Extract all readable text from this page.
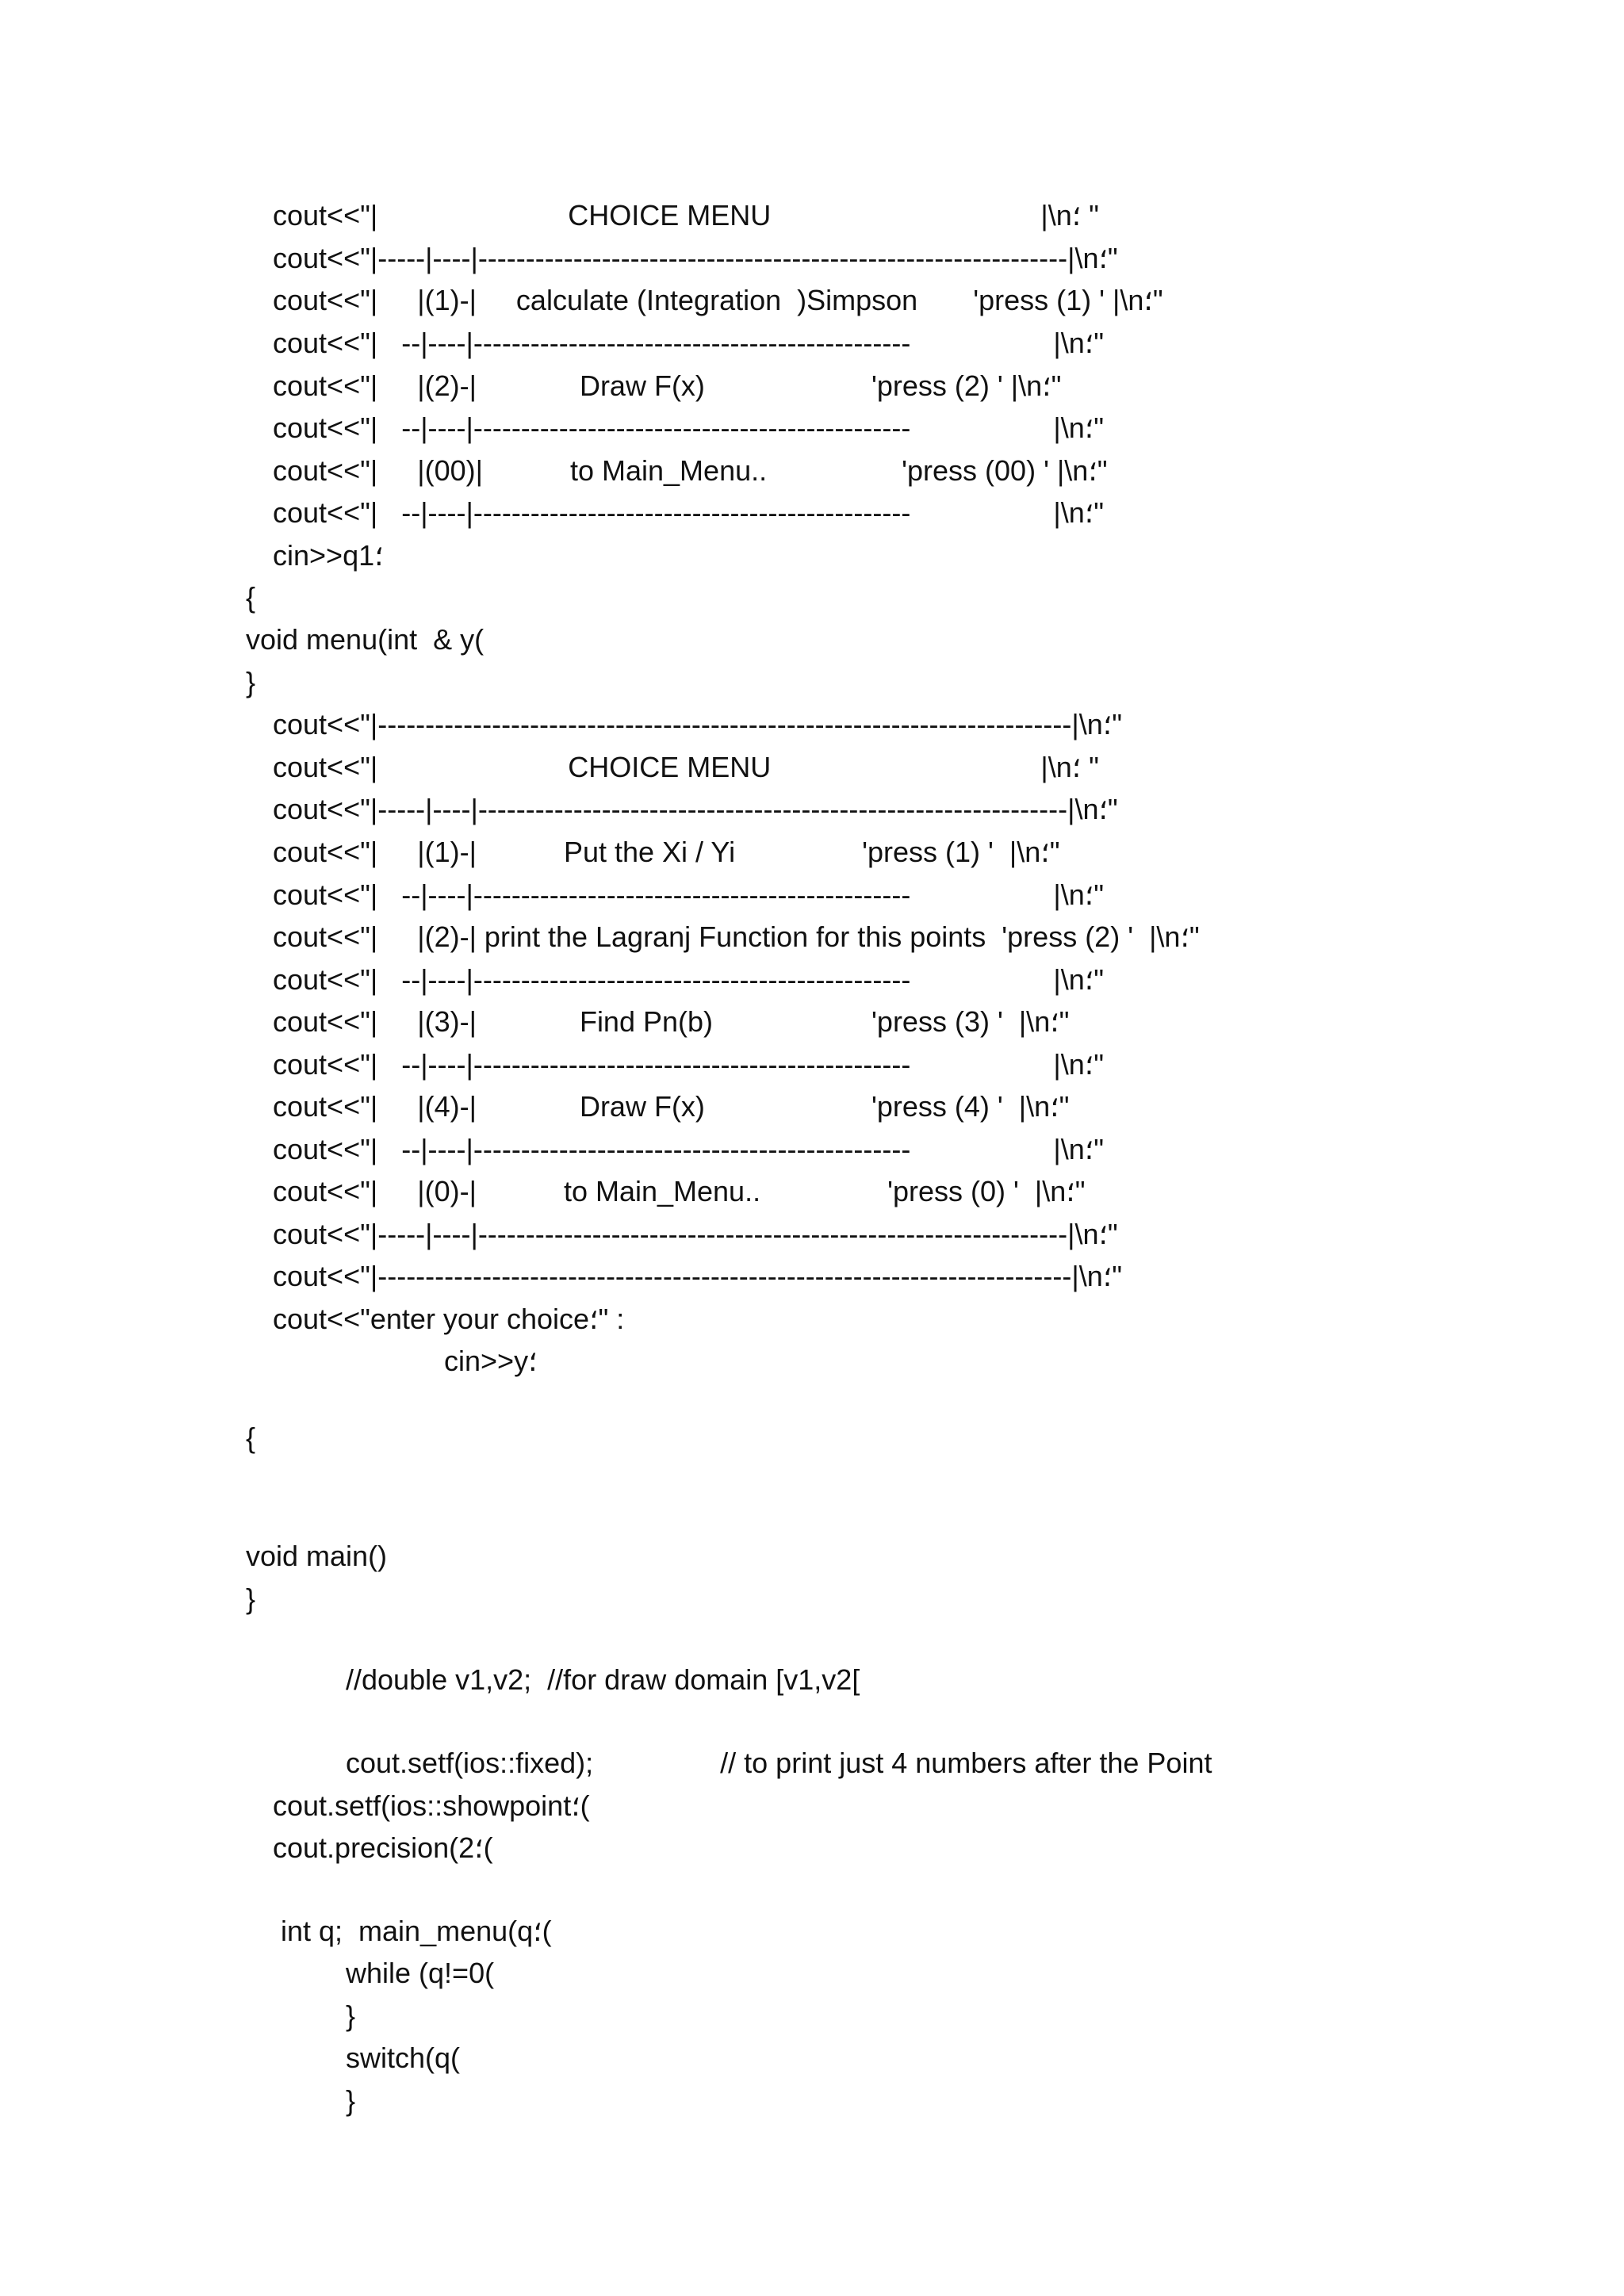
cout<<"|                        CHOICE MENU                                  |\n؛ "
cout<<"|-----|----|--------------------------------------------------------------|\n؛"
cout<<"|     |(1)-|     calculate (Integration  )Simpson       'press (1) ' |\n؛"
cout<<"|   --|----|----------------------------------------------                  |\n؛"
cout<<"|     |(2)-|             Draw F(x)                     'press (2) ' |\n؛"
cout<<"|   --|----|----------------------------------------------                  |\n؛"
cout<<"|     |(00)|           to Main_Menu..                 'press (00) ' |\n؛"
cout<<"|   --|----|----------------------------------------------                  |\n؛"
cin>>q1؛
{
void menu(int  & y(
}
cout<<"|-------------------------------------------------------------------------|\n؛"
cout<<"|                        CHOICE MENU                                  |\n؛ "
cout<<"|-----|----|--------------------------------------------------------------|\n؛"
cout<<"|     |(1)-|           Put the Xi / Yi                'press (1) '  |\n؛"
cout<<"|   --|----|----------------------------------------------                  |\n؛"
cout<<"|     |(2)-| print the Lagranj Function for this points  'press (2) '  |\n؛"
cout<<"|   --|----|----------------------------------------------                  |\n؛"
cout<<"|     |(3)-|             Find Pn(b)                    'press (3) '  |\n؛"
cout<<"|   --|----|----------------------------------------------                  |\n؛"
cout<<"|     |(4)-|             Draw F(x)                     'press (4) '  |\n؛"
cout<<"|   --|----|----------------------------------------------                  |\n؛"
cout<<"|     |(0)-|           to Main_Menu..                'press (0) '  |\n؛"
cout<<"|-----|----|--------------------------------------------------------------|\n؛"
cout<<"|-------------------------------------------------------------------------|\n؛"
cout<<"enter your choice؛" :
cin>>y؛
{
void main()
}
//double v1,v2;  //for draw domain [v1,v2[
cout.setf(ios::fixed);                // to print just 4 numbers after the Point
cout.setf(ios::showpoint؛(
cout.precision(2؛(
int q;  main_menu(q؛(
while (q!=0(
}
switch(q(
}
